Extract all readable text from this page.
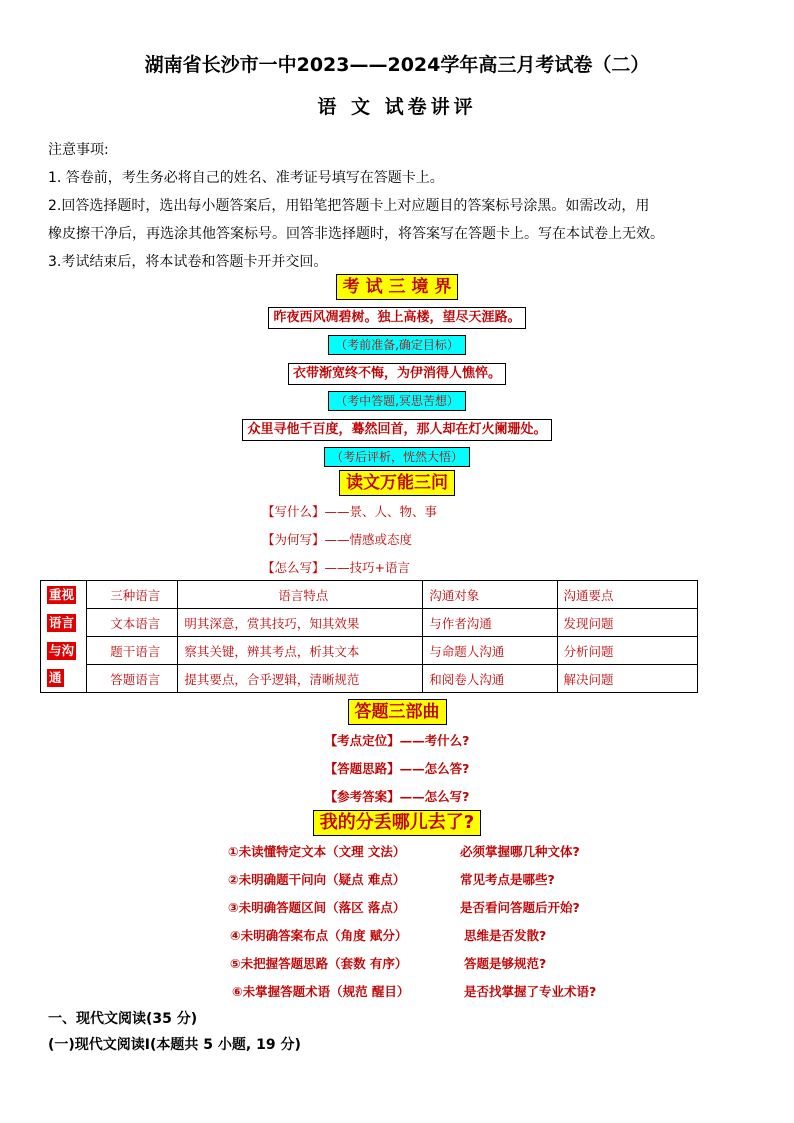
湖南省长沙市一中2023——2024学年高三月考试卷（二）
语 文 试卷讲评
注意事项:
1. 答卷前，考生务必将自己的姓名、准考证号填写在答题卡上。
2.回答选择题时，选出每小题答案后，用铅笔把答题卡上对应题目的答案标号涂黑。如需改动，用
橡皮擦干净后，再选涂其他答案标号。回答非选择题时，将答案写在答题卡上。写在本试卷上无效。
3.考试结束后，将本试卷和答题卡开并交回。
考 试 三 境 界
昨夜西风凋碧树。独上高楼，望尽天涯路。
（考前准备,确定目标）
衣带渐宽终不悔，为伊消得人憔悴。
（考中答题,冥思苦想）
众里寻他千百度，蓦然回首，那人却在灯火阑珊处。
（考后评析，恍然大悟）
读文万能三问
【写什么】——景、人、物、事
【为何写】——情感或态度
【怎么写】——技巧+语言
重视	三种语言	语言特点	沟通对象	沟通要点
语言	文本语言	明其深意，赏其技巧，知其效果	与作者沟通	发现问题
与沟	题干语言	察其关键，辨其考点，析其文本	与命题人沟通	分析问题
通	答题语言	提其要点，合乎逻辑，清晰规范	和阅卷人沟通	解决问题
答题三部曲
【考点定位】——考什么?
【答题思路】——怎么答?
【参考答案】——怎么写?
我的分丢哪儿去了?
①未读懂特定文本（文理 文法）	必须掌握哪几种文体?
②未明确题干问向（疑点 难点）	常见考点是哪些?
③未明确答题区间（落区 落点）	是否看问答题后开始?
④未明确答案布点（角度 赋分）	思维是否发散?
⑤未把握答题思路（套数 有序）	答题是够规范?
⑥未掌握答题术语（规范 醒目）	是否找掌握了专业术语?
一、现代文阅读(35 分)
(一)现代文阅读Ⅰ(本题共 5 小题, 19 分)
